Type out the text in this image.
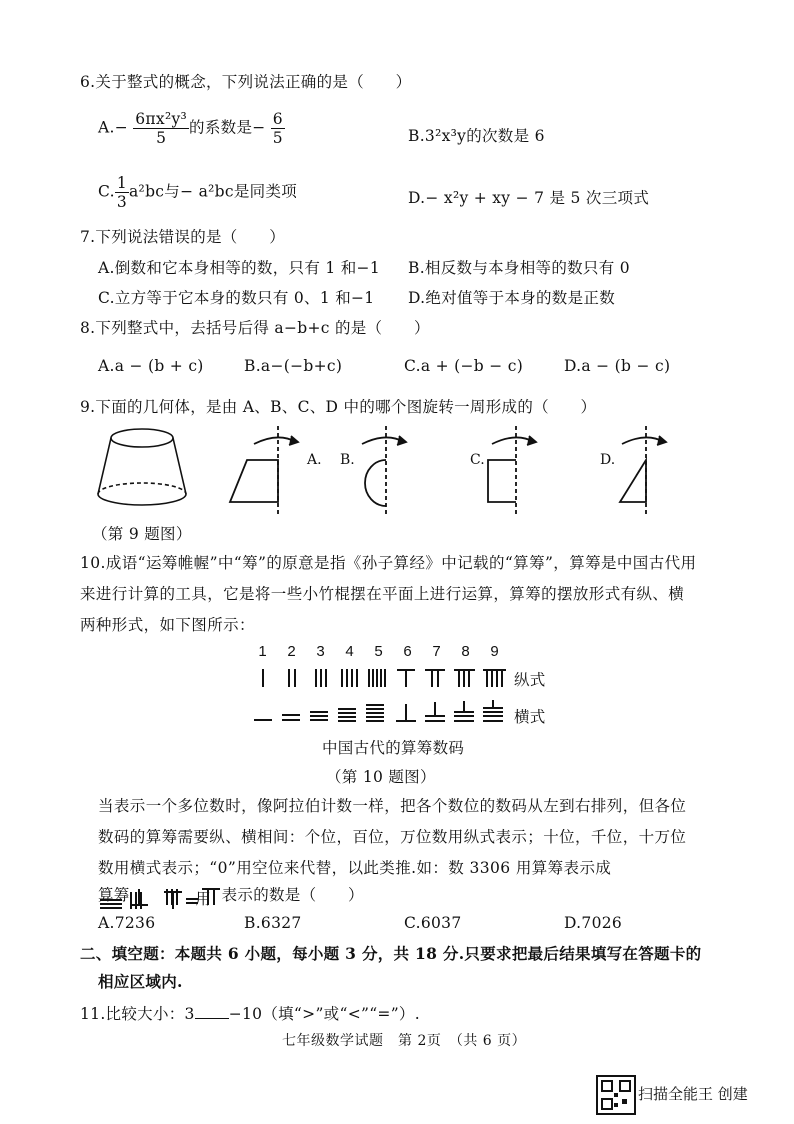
6.关于整式的概念，下列说法正确的是（　　）
$A.- \frac{\text{6πx²y³}}{5}$ 的系数是− $\frac{6}{5}$	B.3²x³y的次数是 6
C. $\frac{1}{3} a^2bc$与− a²bc是同类项	D.− x²y + xy − 7 是 5 次三项式
7.下列说法错误的是（　　）
A.倒数和它本身相等的数，只有 1 和−1 B.相反数与本身相等的数只有 0
C.立方等于它本身的数只有 0、1 和−1 D.绝对值等于本身的数是正数
8.下列整式中，去括号后得 a−b+c 的是（　　）
A.a − (b + c)	B.a−(−b+c)	C.a + (−b − c)	D.a − (b − c)
9.下面的几何体，是由 A、B、C、D 中的哪个图旋转一周形成的（　　）
A. B.	C.	D.
（第 9 题图）
10.成语“运筹帷幄”中“筹”的原意是指《孙子算经》中记载的“算筹”，算筹是中国古代用来进行计算的工具，它是将一些小竹棍摆在平面上进行运算，算筹的摆放形式有纵、横两种形式，如下图所示：
1 2 3 4 5 6 7 8 9
纵式
横式
中国古代的算筹数码
（第 10 题图）
当表示一个多位数时，像阿拉伯计数一样，把各个数位的数码从左到右排列，但各位数码的算筹需要纵、横相间：个位，百位，万位数用纵式表示；十位，千位，十万位数用横式表示；“0”用空位来代替，以此类推.如：数 3306 用算筹表示成.用
算筹	表示的数是（　　）
A.7236	B.6327	C.6037	D.7026
二、填空题：本题共 6 小题，每小题 3 分，共 18 分.只要求把最后结果填写在答题卡的
相应区域内.
11.比较大小：3 −10（填“>”或“<”“=”）.
七年级数学试题　第 2页　（共 6 页）
扫描全能王 创建
